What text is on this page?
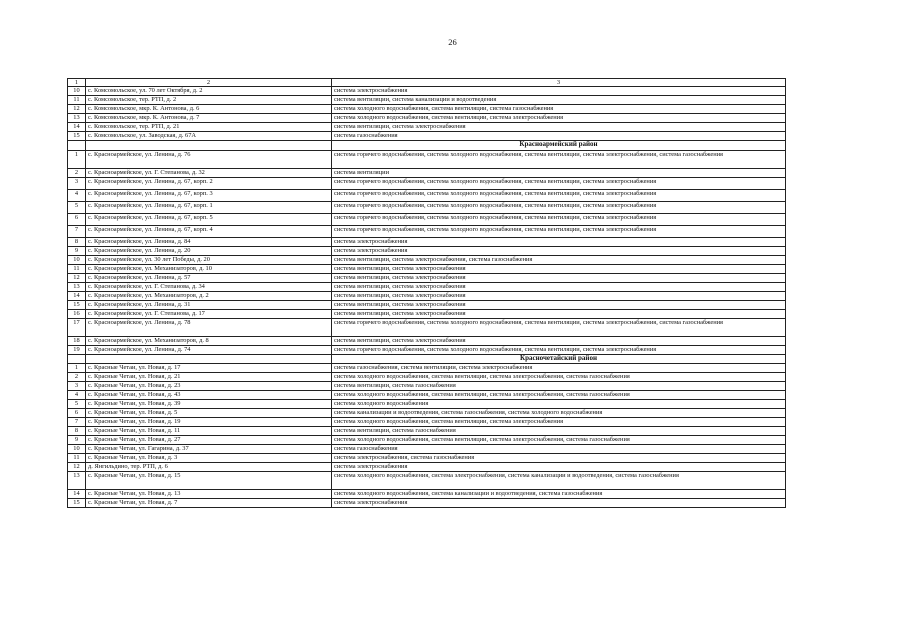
26
1	2	3
10	с. Комсомольское, ул. 70 лет Октября, д. 2	система электроснабжения
11	с. Комсомольское, тер. РТП, д. 2	система вентиляции, система канализации и водоотведения
12	с. Комсомольское, мкр. К. Антонова, д. 6	система холодного водоснабжения, система вентиляции, система газоснабжения
13	с. Комсомольское, мкр. К. Антонова, д. 7	система холодного водоснабжения, система вентиляции, система электроснабжения
14	с. Комсомольское, тер. РТП, д. 21	система вентиляции, система электроснабжения
15	с. Комсомольское, ул. Заводская, д. 67А	система газоснабжения
		Красноармейский район
1	с. Красноармейское, ул. Ленина, д. 76	система горячего водоснабжения, система холодного водоснабжения, система вентиляции, система электроснабжения, система газоснабжения
2	с. Красноармейское, ул. Г. Степанова, д. 32	система вентиляции
3	с. Красноармейское, ул. Ленина, д. 67, корп. 2	система горячего водоснабжения, система холодного водоснабжения, система вентиляции, система электроснабжения
4	с. Красноармейское, ул. Ленина, д. 67, корп. 3	система горячего водоснабжения, система холодного водоснабжения, система вентиляции, система электроснабжения
5	с. Красноармейское, ул. Ленина, д. 67, корп. 1	система горячего водоснабжения, система холодного водоснабжения, система вентиляции, система электроснабжения
6	с. Красноармейское, ул. Ленина, д. 67, корп. 5	система горячего водоснабжения, система холодного водоснабжения, система вентиляции, система электроснабжения
7	с. Красноармейское, ул. Ленина, д. 67, корп. 4	система горячего водоснабжения, система холодного водоснабжения, система вентиляции, система электроснабжения
8	с. Красноармейское, ул. Ленина, д. 84	система электроснабжения
9	с. Красноармейское, ул. Ленина, д. 20	система электроснабжения
10	с. Красноармейское, ул. 30 лет Победы, д. 20	система вентиляции, система электроснабжения, система газоснабжения
11	с. Красноармейское, ул. Механизаторов, д. 10	система вентиляции, система электроснабжения
12	с. Красноармейское, ул. Ленина, д. 57	система вентиляции, система электроснабжения
13	с. Красноармейское, ул. Г. Степанова, д. 34	система вентиляции, система электроснабжения
14	с. Красноармейское, ул. Механизаторов, д. 2	система вентиляции, система электроснабжения
15	с. Красноармейское, ул. Ленина, д. 31	система вентиляции, система электроснабжения
16	с. Красноармейское, ул. Г. Степанова, д. 17	система вентиляции, система электроснабжения
17	с. Красноармейское, ул. Ленина, д. 78	система горячего водоснабжения, система холодного водоснабжения, система вентиляции, система электроснабжения, система газоснабжения
18	с. Красноармейское, ул. Механизаторов, д. 8	система вентиляции, система электроснабжения
19	с. Красноармейское, ул. Ленина, д. 74	система горячего водоснабжения, система холодного водоснабжения, система вентиляции, система электроснабжения
		Красночетайский район
1	с. Красные Четаи, ул. Новая, д. 17	система газоснабжения, система вентиляции, система электроснабжения
2	с. Красные Четаи, ул. Новая, д. 21	система холодного водоснабжения, система вентиляции, система электроснабжения, система газоснабжения
3	с. Красные Четаи, ул. Новая, д. 23	система вентиляции, система газоснабжения
4	с. Красные Четаи, ул. Новая, д. 43	система холодного водоснабжения, система вентиляции, система электроснабжения, система газоснабжения
5	с. Красные Четаи, ул. Новая, д. 39	система холодного водоснабжения
6	с. Красные Четаи, ул. Новая, д. 5	система канализации и водоотведения, система газоснабжения, система холодного водоснабжения
7	с. Красные Четаи, ул. Новая, д. 19	система холодного водоснабжения, система вентиляции, система электроснабжения
8	с. Красные Четаи, ул. Новая, д. 11	система вентиляции, система газоснабжения
9	с. Красные Четаи, ул. Новая, д. 27	система холодного водоснабжения, система вентиляции, система электроснабжения, система газоснабжения
10	с. Красные Четаи, ул. Гагарина, д. 37	система газоснабжения
11	с. Красные Четаи, ул. Новая, д. 3	система электроснабжения, система газоснабжения
12	д. Янгильдино, тер. РТП, д. 6	система электроснабжения
13	с. Красные Четаи, ул. Новая, д. 15	система холодного водоснабжения, система электроснабжения, система канализации и водоотведения, система газоснабжения
14	с. Красные Четаи, ул. Новая, д. 13	система холодного водоснабжения, система канализации и водоотведения, система газоснабжения
15	с. Красные Четаи, ул. Новая, д. 7	система электроснабжения
